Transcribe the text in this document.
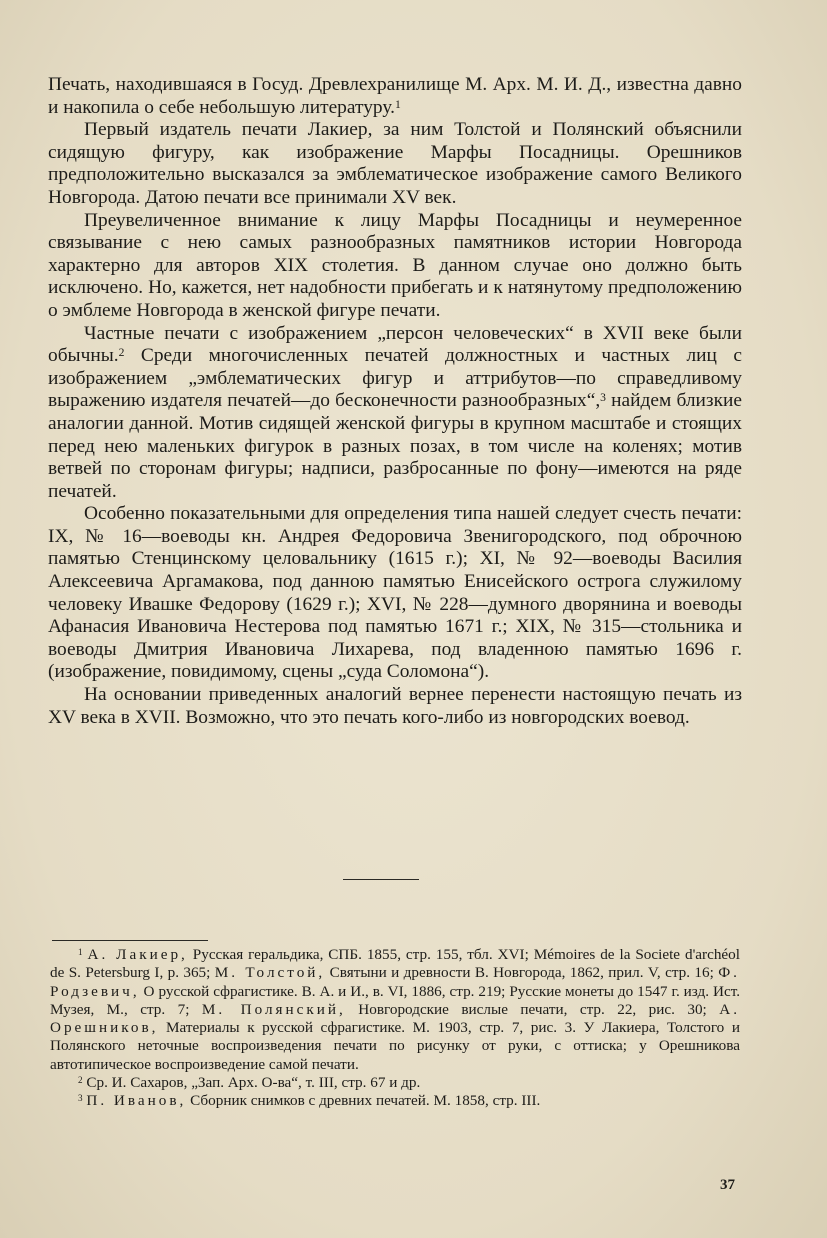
Печать, находившаяся в Госуд. Древлехранилище М. Арх. М. И. Д., известна давно и накопила о себе небольшую литературу.$^1$

Первый издатель печати Лакиер, за ним Толстой и Полянский объяснили сидящую фигуру, как изображение Марфы Посадницы. Орешников предположительно высказался за эмблематическое изображение самого Великого Новгорода. Датою печати все принимали XV век.

Преувеличенное внимание к лицу Марфы Посадницы и неумеренное связывание с нею самых разнообразных памятников истории Новгорода характерно для авторов XIX столетия. В данном случае оно должно быть исключено. Но, кажется, нет надобности прибегать и к натянутому предположению о эмблеме Новгорода в женской фигуре печати.

Частные печати с изображением „персон человеческих“ в XVII веке были обычны.$^2$ Среди многочисленных печатей должностных и частных лиц с изображением „эмблематических фигур и аттрибутов—по справедливому выражению издателя печатей—до бесконечности разнообразных“,$^3$ найдем близкие аналогии данной. Мотив сидящей женской фигуры в крупном масштабе и стоящих перед нею маленьких фигурок в разных позах, в том числе на коленях; мотив ветвей по сторонам фигуры; надписи, разбросанные по фону—имеются на ряде печатей.

Особенно показательными для определения типа нашей следует счесть печати: IX, № 16—воеводы кн. Андрея Федоровича Звенигородского, под оброчною памятью Стенцинскому целовальнику (1615 г.); XI, № 92—воеводы Василия Алексеевича Аргамакова, под данною памятью Енисейского острога служилому человеку Ивашке Федорову (1629 г.); XVI, № 228—думного дворянина и воеводы Афанасия Ивановича Нестерова под памятью 1671 г.; XIX, № 315—стольника и воеводы Дмитрия Ивановича Лихарева, под владенною памятью 1696 г. (изображение, повидимому, сцены „суда Соломона“).

На основании приведенных аналогий вернее перенести настоящую печать из XV века в XVII. Возможно, что это печать кого-либо из новгородских воевод.

$^1$ А. Лакиер, Русская геральдика, СПБ. 1855, стр. 155, тбл. XVI; Mémoires de la Societe d'archéol de S. Petersburg I, p. 365; М. Толстой, Святыни и древности В. Новгорода, 1862, прил. V, стр. 16; Ф. Родзевич, О русской сфрагистике. В. А. и И., в. VI, 1886, стр. 219; Русские монеты до 1547 г. изд. Ист. Музея, М., стр. 7; М. Полянский, Новгородские вислые печати, стр. 22, рис. 30; А. Орешников, Материалы к русской сфрагистике. М. 1903, стр. 7, рис. 3. У Лакиера, Толстого и Полянского неточные воспроизведения печати по рисунку от руки, с оттиска; у Орешникова автотипическое воспроизведение самой печати.

$^2$ Ср. И. Сахаров, „Зап. Арх. О-ва“, т. III, стр. 67 и др.

$^3$ П. Иванов, Сборник снимков с древних печатей. М. 1858, стр. III.

37
